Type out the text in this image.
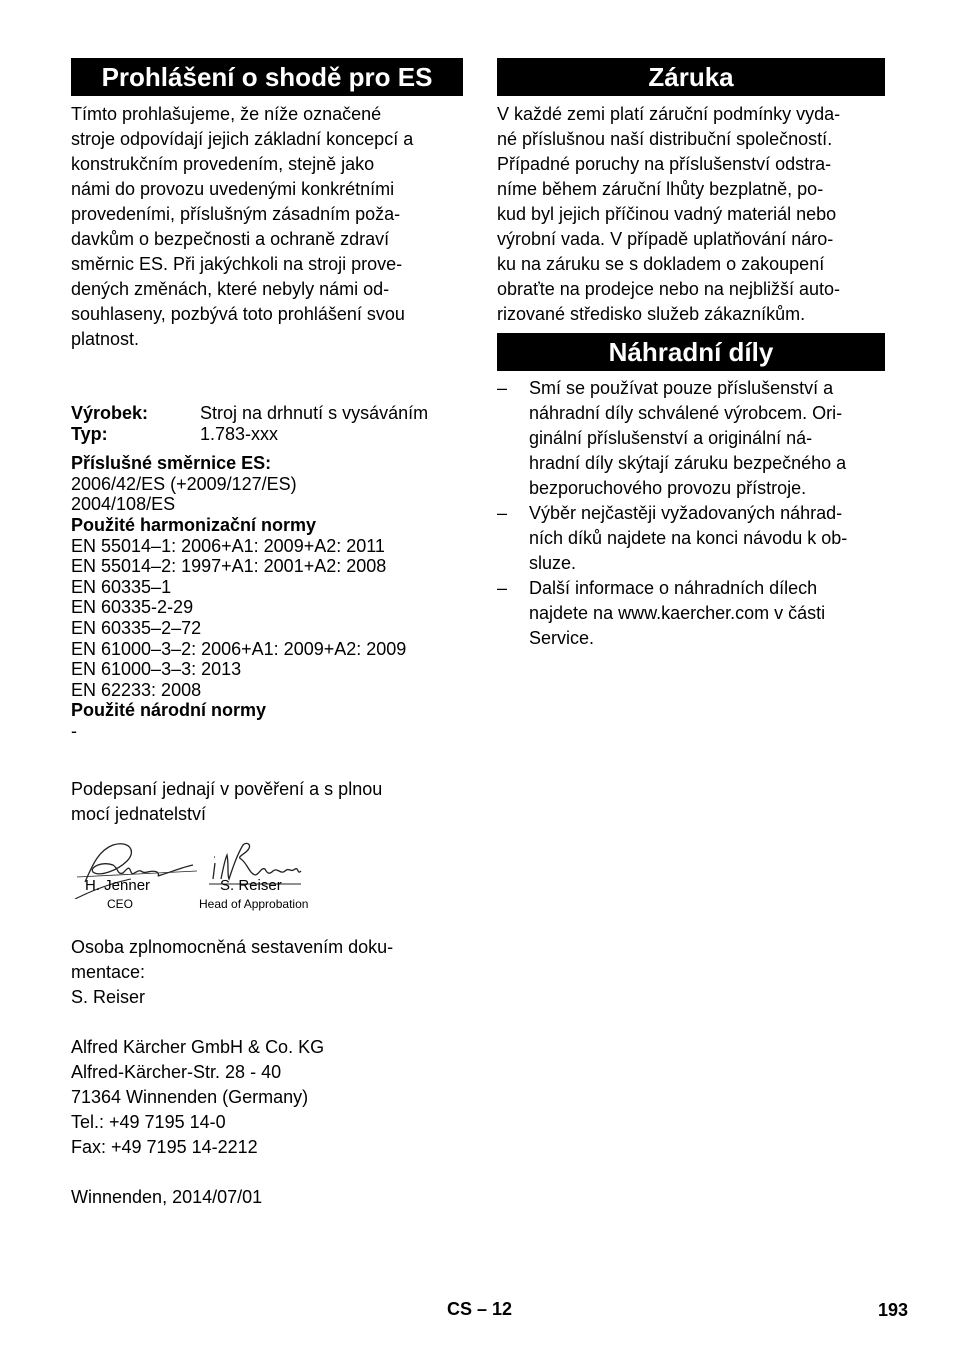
Prohlášení o shodě pro ES
Tímto prohlašujeme, že níže označené
stroje odpovídají jejich základní koncepcí a
konstrukčním provedením, stejně jako
námi do provozu uvedenými konkrétními
provedeními, příslušným zásadním poža-
davkům o bezpečnosti a ochraně zdraví
směrnic ES. Při jakýchkoli na stroji prove-
dených změnách, které nebyly námi od-
souhlaseny, pozbývá toto prohlášení svou
platnost.
Výrobek:	Stroj na drhnutí s vysáváním
Typ:	1.783-xxx
Příslušné směrnice ES:
2006/42/ES (+2009/127/ES)
2004/108/ES
Použité harmonizační normy
EN 55014–1: 2006+A1: 2009+A2: 2011
EN 55014–2: 1997+A1: 2001+A2: 2008
EN 60335–1
EN 60335-2-29
EN 60335–2–72
EN 61000–3–2: 2006+A1: 2009+A2: 2009
EN 61000–3–3: 2013
EN 62233: 2008
Použité národní normy
-
Podepsaní jednají v pověření a s plnou
mocí jednatelství
H. Jenner
CEO
S. Reiser
Head of Approbation
Osoba zplnomocněná sestavením doku-
mentace:
S. Reiser
Alfred Kärcher GmbH & Co. KG
Alfred-Kärcher-Str. 28 - 40
71364 Winnenden (Germany)
Tel.: +49 7195 14-0
Fax: +49 7195 14-2212
Winnenden, 2014/07/01
Záruka
V každé zemi platí záruční podmínky vyda-
né příslušnou naší distribuční společností.
Případné poruchy na příslušenství odstra-
níme během záruční lhůty bezplatně, po-
kud byl jejich příčinou vadný materiál nebo
výrobní vada. V případě uplatňování náro-
ku na záruku se s dokladem o zakoupení
obraťte na prodejce nebo na nejbližší auto-
rizované středisko služeb zákazníkům.
Náhradní díly
– Smí se používat pouze příslušenství a
náhradní díly schválené výrobcem. Ori-
ginální příslušenství a originální ná-
hradní díly skýtají záruku bezpečného a
bezporuchového provozu přístroje.
– Výběr nejčastěji vyžadovaných náhrad-
ních díků najdete na konci návodu k ob-
sluze.
– Další informace o náhradních dílech
najdete na www.kaercher.com v části
Service.
CS – 12	193
